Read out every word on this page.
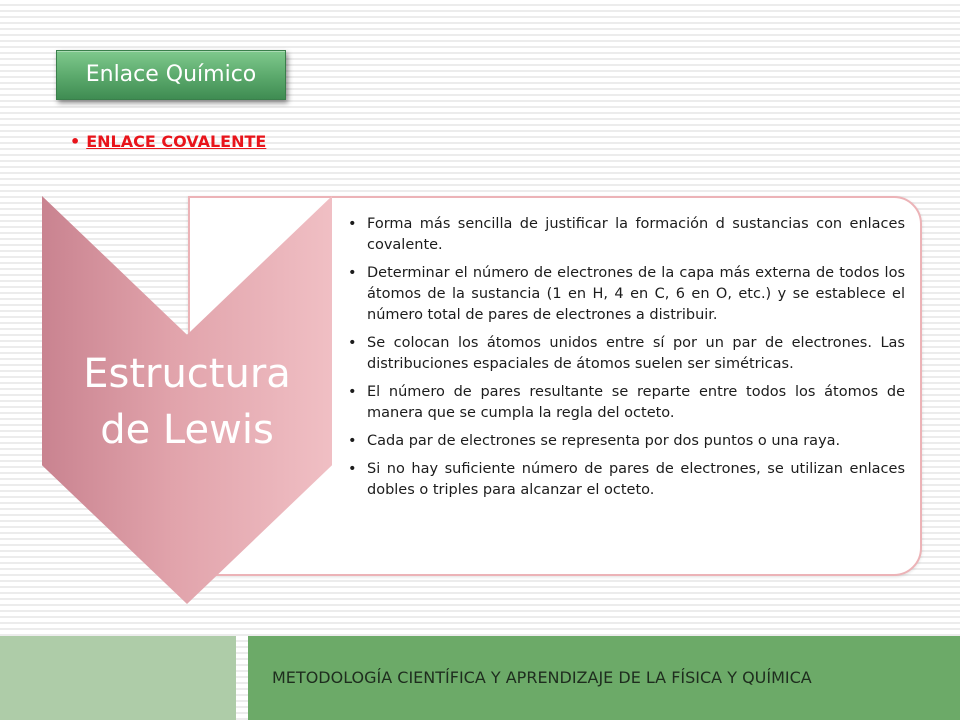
Enlace Químico
• ENLACE COVALENTE
Estructura
de Lewis
• Forma más sencilla de justificar la formación d sustancias con enlaces covalente.
• Determinar el número de electrones de la capa más externa de todos los átomos de la sustancia (1 en H, 4 en C, 6 en O, etc.) y se establece el número total de pares de electrones a distribuir.
• Se colocan los átomos unidos entre sí por un par de electrones. Las distribuciones espaciales de átomos suelen ser simétricas.
• El número de pares resultante se reparte entre todos los átomos de manera que se cumpla la regla del octeto.
• Cada par de electrones se representa por dos puntos o una raya.
• Si no hay suficiente número de pares de electrones, se utilizan enlaces dobles o triples para alcanzar el octeto.
METODOLOGÍA CIENTÍFICA Y APRENDIZAJE DE LA FÍSICA Y QUÍMICA
